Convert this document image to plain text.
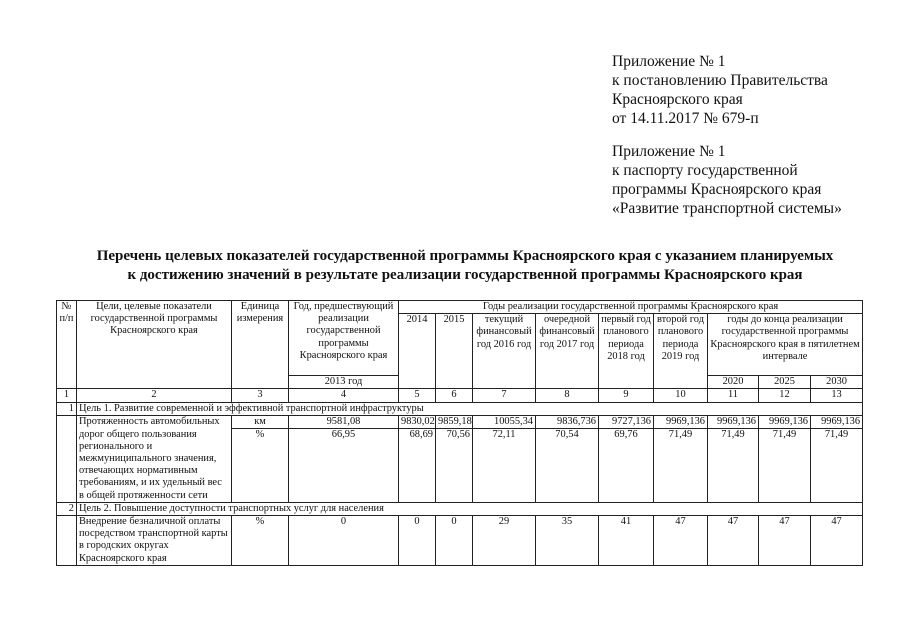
Приложение № 1
к постановлению Правительства
Красноярского края
от 14.11.2017 № 679-п
Приложение № 1
к паспорту государственной
программы Красноярского края
«Развитие транспортной системы»
Перечень целевых показателей государственной программы Красноярского края с указанием планируемых
к достижению значений в результате реализации государственной программы Красноярского края
№ п/п	Цели, целевые показатели государственной программы Красноярского края	Единица измерения	Год, предшествующий реализации государственной программы Красноярского края	Годы реализации государственной программы Красноярского края								
				2014	2015	текущий финансовый год 2016 год	очередной финансовый год 2017 год	первый год планового периода 2018 год	второй год планового периода 2019 год	годы до конца реализации государственной программы Красноярского края в пятилетнем интервале		
			2013 год							2020	2025	2030
1	2	3	4	5	6	7	8	9	10	11	12	13
1	Цель 1. Развитие современной и эффективной транспортной инфраструктуры											
	Протяженность автомобильных	км	9581,08	9830,02	9859,18	10055,34	9836,736	9727,136	9969,136	9969,136	9969,136	9969,136
	дорог общего пользования регионального и межмуниципального значения, отвечающих нормативным требованиям, и их удельный вес в общей протяженности сети	%	66,95	68,69	70,56	72,11	70,54	69,76	71,49	71,49	71,49	71,49
2	Цель 2. Повышение доступности транспортных услуг для населения											
	Внедрение безналичной оплаты посредством транспортной карты в городских округах Красноярского края	%	0	0	0	29	35	41	47	47	47	47
